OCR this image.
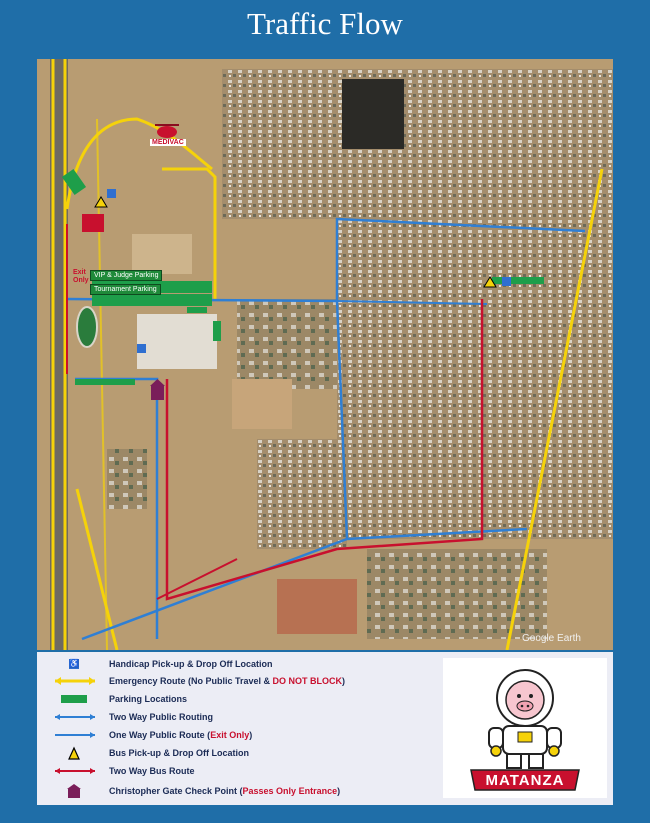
Traffic Flow
VIP & Judge Parking
Tournament Parking
MEDIVAC
Exit Only
Google Earth
♿	Handicap Pick-up & Drop Off Location
Emergency Route (No Public Travel & DO NOT BLOCK)
Parking Locations
Two Way Public Routing
One Way Public Route (Exit Only)
Bus Pick-up & Drop Off Location
Two Way Bus Route
Christopher Gate Check Point (Passes Only Entrance)
MATANZA
